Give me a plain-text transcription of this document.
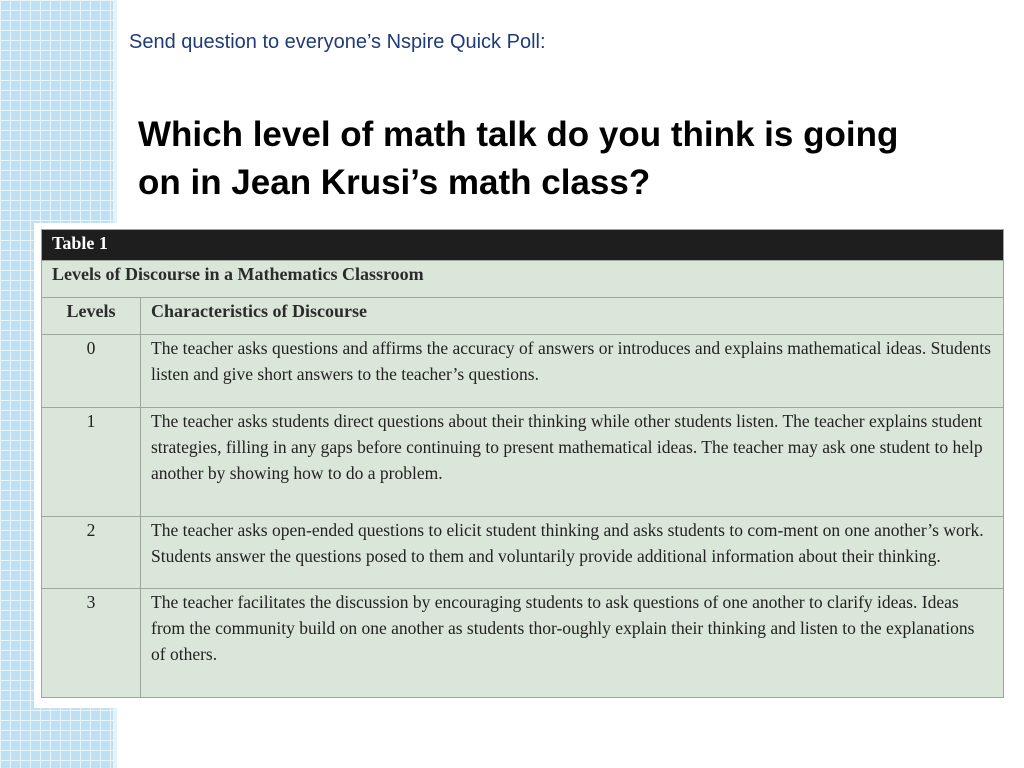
Send question to everyone’s Nspire Quick Poll:
Which level of math talk do you think is going on in Jean Krusi’s math class?
Table 1	
Levels of Discourse in a Mathematics Classroom	
Levels	Characteristics of Discourse
0	The teacher asks questions and affirms the accuracy of answers or introduces and explains mathematical ideas. Students listen and give short answers to the teacher’s questions.
1	The teacher asks students direct questions about their thinking while other students listen. The teacher explains student strategies, filling in any gaps before continuing to present mathematical ideas. The teacher may ask one student to help another by showing how to do a problem.
2	The teacher asks open-ended questions to elicit student thinking and asks students to com-ment on one another’s work. Students answer the questions posed to them and voluntarily provide additional information about their thinking.
3	The teacher facilitates the discussion by encouraging students to ask questions of one another to clarify ideas. Ideas from the community build on one another as students thor-oughly explain their thinking and listen to the explanations of others.
